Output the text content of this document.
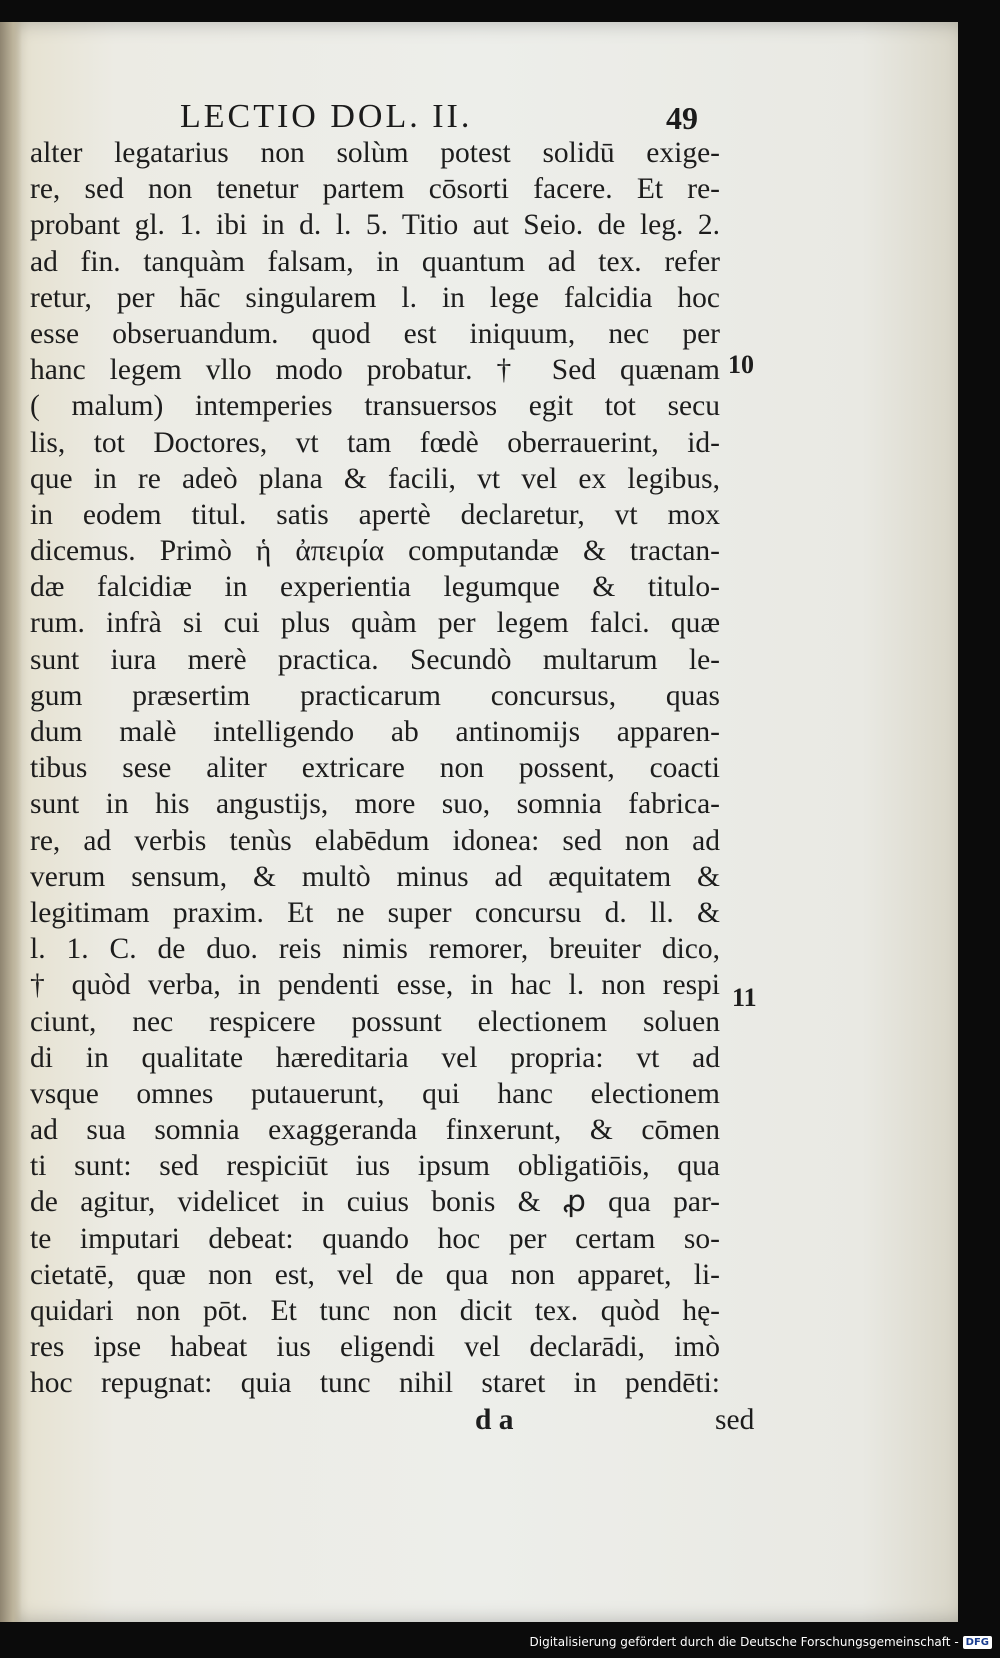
LECTIO DOL. II.	49
alter legatarius non solùm potest solidū exige-
re, sed non tenetur partem cōsorti facere. Et re-
probant gl. 1. ibi in d. l. 5. Titio aut Seio. de leg. 2.
ad fin. tanquàm falsam, in quantum ad tex. refer
retur, per hāc singularem l. in lege falcidia hoc
esse obseruandum. quod est iniquum, nec per
hanc legem vllo modo probatur. † Sed quænam
( malum) intemperies transuersos egit tot secu
lis, tot Doctores, vt tam fœdè oberrauerint, id-
que in re adeò plana & facili, vt vel ex legibus,
in eodem titul. satis apertè declaretur, vt mox
dicemus. Primò ἡ ἀπειρία computandæ & tractan-
dæ falcidiæ in experientia legumque & titulo-
rum. infrà si cui plus quàm per legem falci. quæ
sunt iura merè practica. Secundò multarum le-
gum præsertim practicarum concursus, quas
dum malè intelligendo ab antinomijs apparen-
tibus sese aliter extricare non possent, coacti
sunt in his angustijs, more suo, somnia fabrica-
re, ad verbis tenùs elabēdum idonea: sed non ad
verum sensum, & multò minus ad æquitatem &
legitimam praxim. Et ne super concursu d. ll. &
l. 1. C. de duo. reis nimis remorer, breuiter dico,
† quòd verba, in pendenti esse, in hac l. non respi
ciunt, nec respicere possunt electionem soluen
di in qualitate hæreditaria vel propria: vt ad
vsque omnes putauerunt, qui hanc electionem
ad sua somnia exaggeranda finxerunt, & cōmen
ti sunt: sed respiciūt ius ipsum obligatiōis, qua
de agitur, videlicet in cuius bonis & ꝓ qua par-
te imputari debeat: quando hoc per certam so-
cietatē, quæ non est, vel de qua non apparet, li-
quidari non pōt. Et tunc non dicit tex. quòd hę-
res ipse habeat ius eligendi vel declarādi, imò
hoc repugnat: quia tunc nihil staret in pendēti:
d a	sed
10
11
Digitalisierung gefördert durch die Deutsche Forschungsgemeinschaft - DFG
